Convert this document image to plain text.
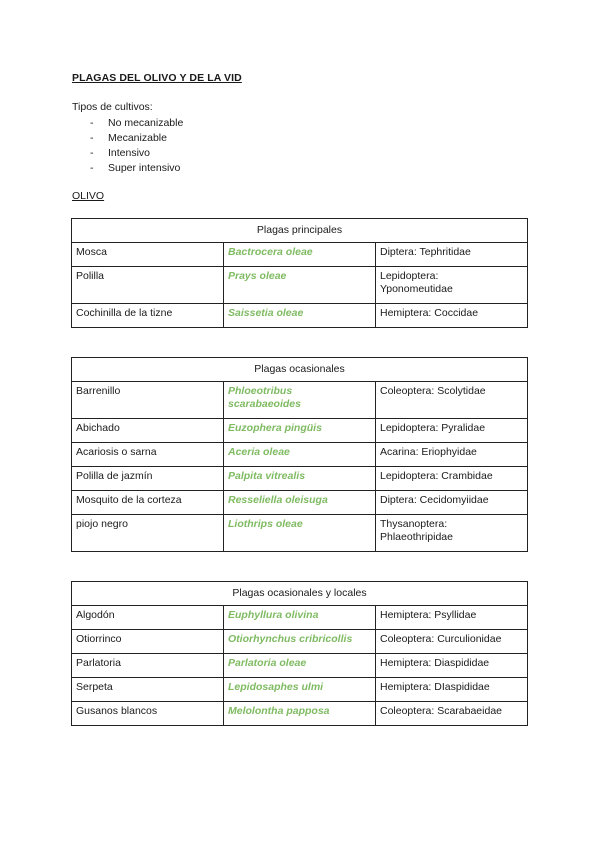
PLAGAS DEL OLIVO Y DE LA VID
Tipos de cultivos:
-	No mecanizable
-	Mecanizable
-	Intensivo
-	Super intensivo
OLIVO
Plagas principales		
Mosca	Bactrocera oleae	Diptera: Tephritidae
Polilla	Prays oleae	Lepidoptera:
Yponomeutidae
Cochinilla de la tizne	Saissetia oleae	Hemiptera: Coccidae
Plagas ocasionales		
Barrenillo	Phloeotribus
scarabaeoides	Coleoptera: Scolytidae
Abichado	Euzophera pingüis	Lepidoptera: Pyralidae
Acariosis o sarna	Aceria oleae	Acarina: Eriophyidae
Polilla de jazmín	Palpita vitrealis	Lepidoptera: Crambidae
Mosquito de la corteza	Resseliella oleisuga	Diptera: Cecidomyiidae
piojo negro	Liothrips oleae	Thysanoptera:
Phlaeothripidae
Plagas ocasionales y locales		
Algodón	Euphyllura olivina	Hemiptera: Psyllidae
Otiorrinco	Otiorhynchus cribricollis	Coleoptera: Curculionidae
Parlatoria	Parlatoria oleae	Hemiptera: Diaspididae
Serpeta	Lepidosaphes ulmi	Hemiptera: DIaspididae
Gusanos blancos	Melolontha papposa	Coleoptera: Scarabaeidae
